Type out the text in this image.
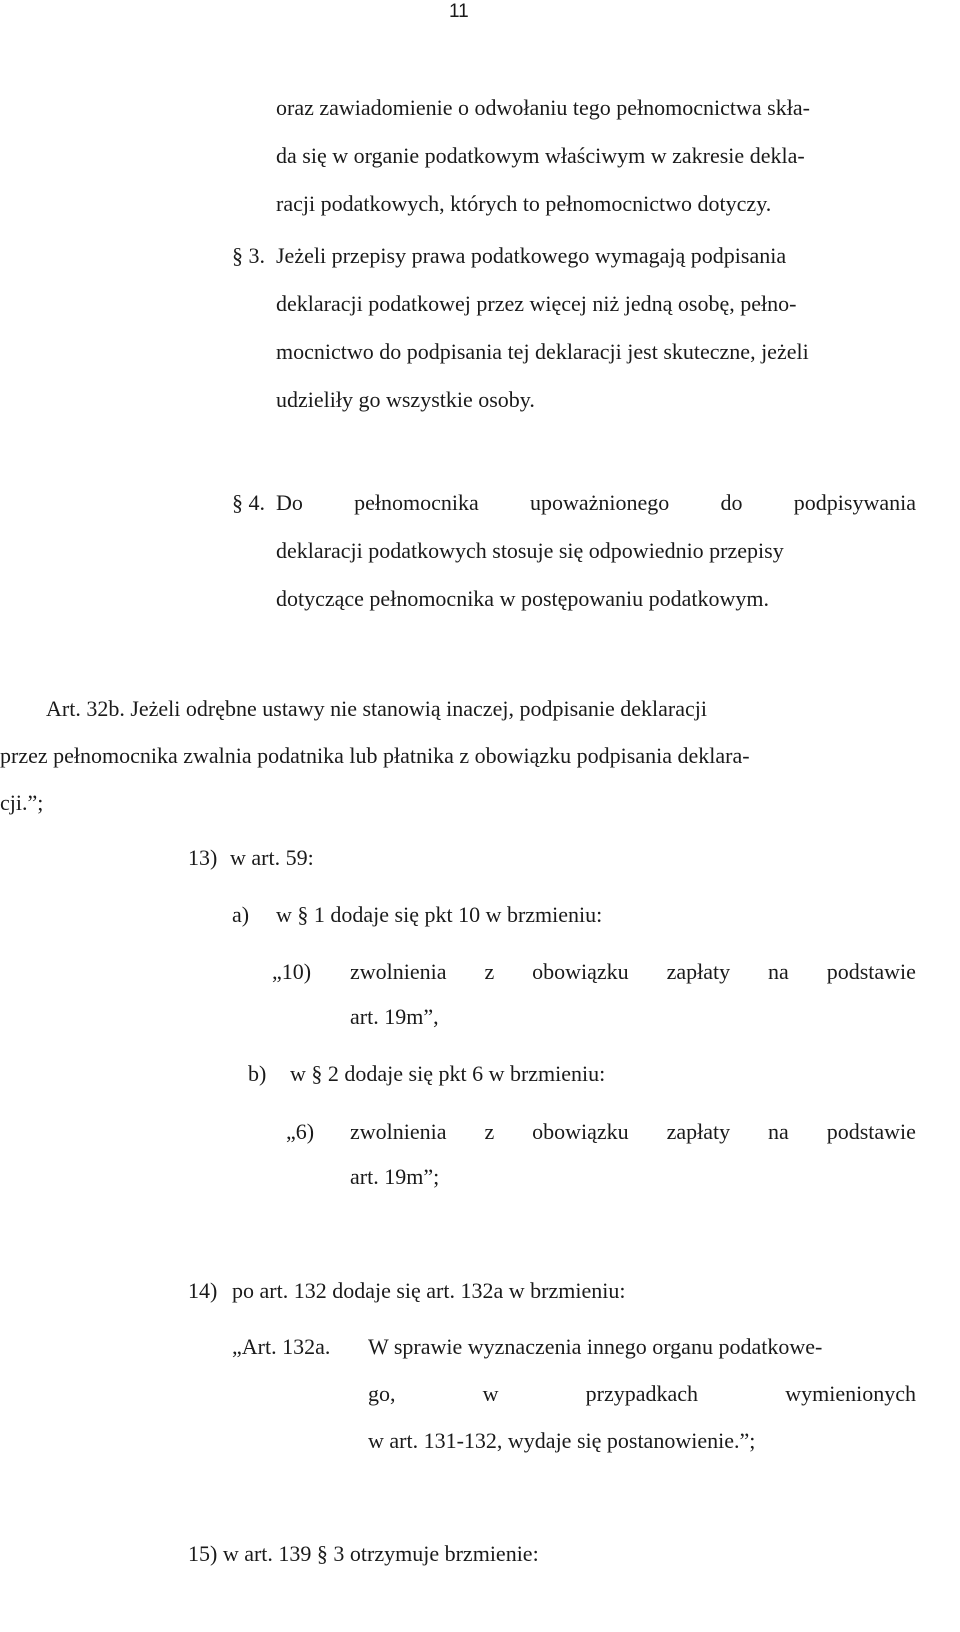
11
oraz zawiadomienie o odwołaniu tego pełnomocnictwa skła-
da się w organie podatkowym właściwym w zakresie dekla-
racji podatkowych, których to pełnomocnictwo dotyczy.
§ 3. Jeżeli przepisy prawa podatkowego wymagają podpisania
deklaracji podatkowej przez więcej niż jedną osobę, pełno-
mocnictwo do podpisania tej deklaracji jest skuteczne, jeżeli
udzieliły go wszystkie osoby.
§ 4. Do pełnomocnika upoważnionego do podpisywania
deklaracji podatkowych stosuje się odpowiednio przepisy
dotyczące pełnomocnika w postępowaniu podatkowym.
Art. 32b. Jeżeli odrębne ustawy nie stanowią inaczej, podpisanie deklaracji
przez pełnomocnika zwalnia podatnika lub płatnika z obowiązku podpisania deklara-
cji.”;
13) w art. 59:
a) w § 1 dodaje się pkt 10 w brzmieniu:
„10) zwolnienia z obowiązku zapłaty na podstawie
art. 19m”,
b) w § 2 dodaje się pkt 6 w brzmieniu:
„6) zwolnienia z obowiązku zapłaty na podstawie
art. 19m”;
14) po art. 132 dodaje się art. 132a w brzmieniu:
„Art. 132a. W sprawie wyznaczenia innego organu podatkowe-
go,	w	przypadkach	wymienionych
w art. 131-132, wydaje się postanowienie.”;
15) w art. 139 § 3 otrzymuje brzmienie:
